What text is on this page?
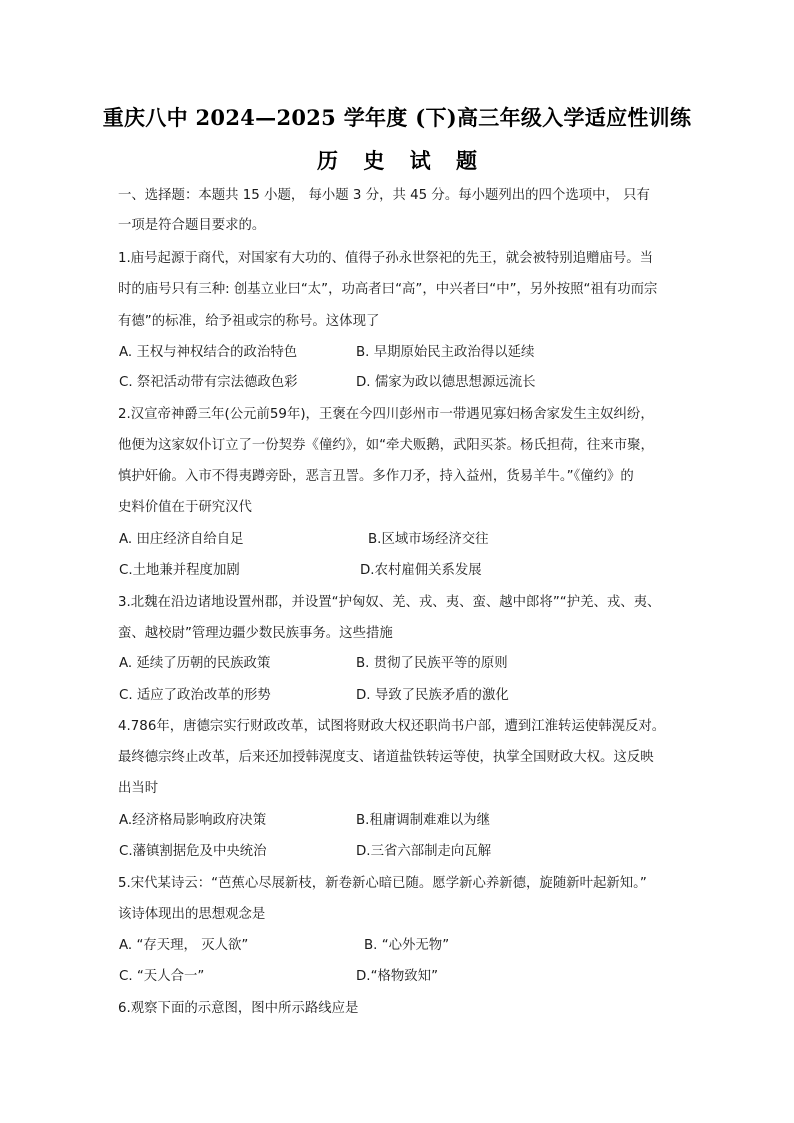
重庆八中 2024—2025 学年度 (下)高三年级入学适应性训练
历 史 试 题
一、选择题：本题共 15 小题， 每小题 3 分，共 45 分。每小题列出的四个选项中， 只有
一项是符合题目要求的。
1.庙号起源于商代，对国家有大功的、值得子孙永世祭祀的先王，就会被特别追赠庙号。当
时的庙号只有三种: 创基立业曰“太”，功高者曰“高”，中兴者曰“中”，另外按照“祖有功而宗
有德”的标准，给予祖或宗的称号。这体现了
A. 王权与神权结合的政治特色	B. 早期原始民主政治得以延续
C. 祭祀活动带有宗法德政色彩	D. 儒家为政以德思想源远流长
2.汉宣帝神爵三年(公元前59年)，王褒在今四川彭州市一带遇见寡妇杨舍家发生主奴纠纷，
他便为这家奴仆订立了一份契券《僮约》，如“牵犬贩鹅，武阳买茶。杨氏担荷，往来市聚，
慎护奸偷。入市不得夷蹲旁卧，恶言丑詈。多作刀矛，持入益州，货易羊牛。”《僮约》的
史料价值在于研究汉代
A. 田庄经济自给自足	B.区域市场经济交往
C.土地兼并程度加剧	D.农村雇佣关系发展
3.北魏在沿边诸地设置州郡，并设置“护匈奴、羌、戎、夷、蛮、越中郎将”“护羌、戎、夷、
蛮、越校尉”管理边疆少数民族事务。这些措施
A. 延续了历朝的民族政策	B. 贯彻了民族平等的原则
C. 适应了政治改革的形势	D. 导致了民族矛盾的激化
4.786年，唐德宗实行财政改革，试图将财政大权还职尚书户部，遭到江淮转运使韩滉反对。
最终德宗终止改革，后来还加授韩滉度支、诸道盐铁转运等使，执掌全国财政大权。这反映
出当时
A.经济格局影响政府决策	B.租庸调制难难以为继
C.藩镇割据危及中央统治	D.三省六部制走向瓦解
5.宋代某诗云：“芭蕉心尽展新枝，新卷新心暗已随。愿学新心养新德，旋随新叶起新知。”
该诗体现出的思想观念是
A. “存天理， 灭人欲”	B. “心外无物”
C. “天人合一”	D.“格物致知”
6.观察下面的示意图，图中所示路线应是
